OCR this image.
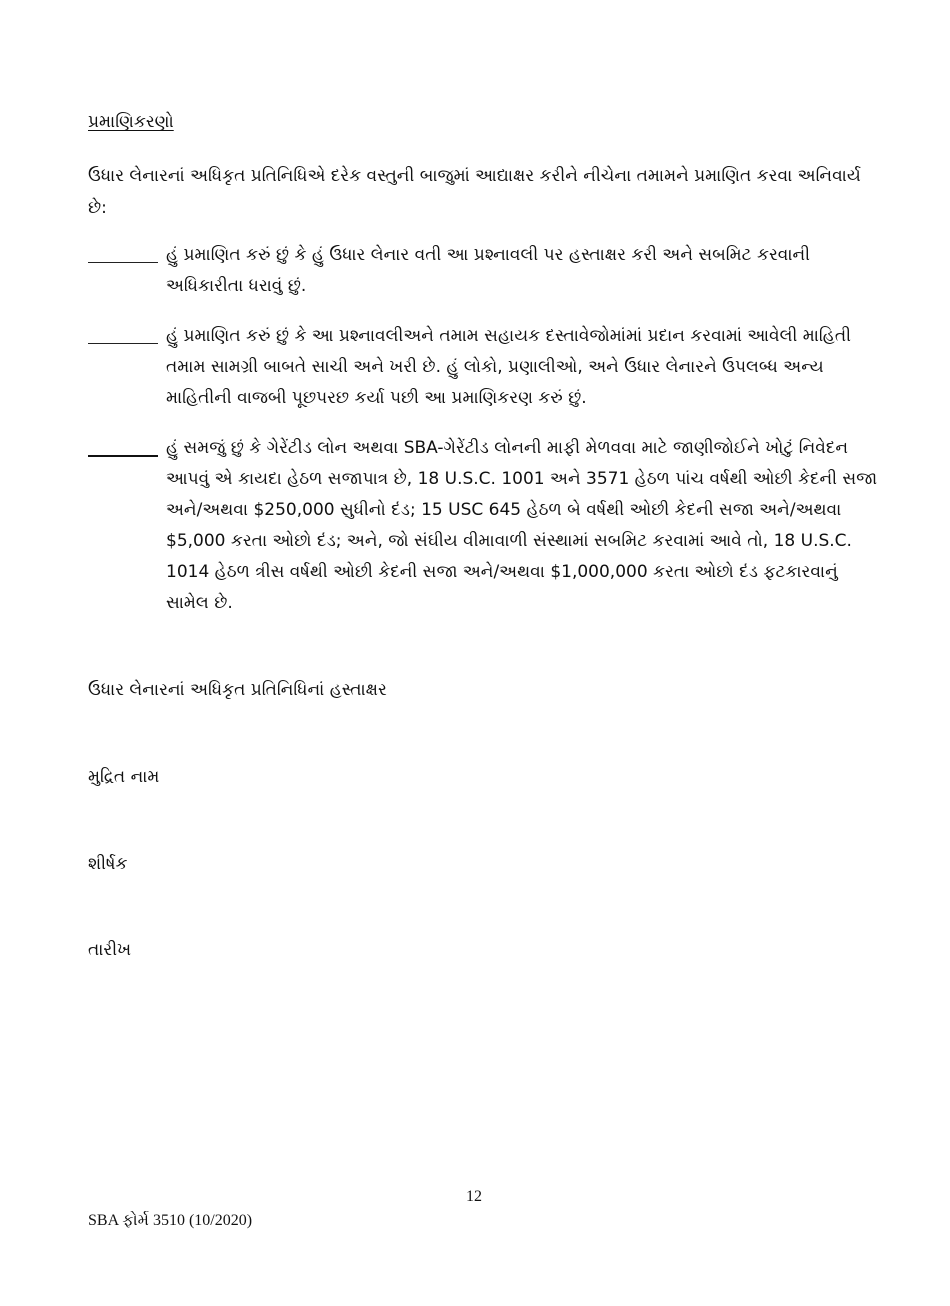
પ્રમાણિકરણો
ઉધાર લેનારનાં અધિકૃત પ્રતિનિધિએ દરેક વસ્તુની બાજુમાં આદ્યાક્ષર કરીને નીચેના તમામને પ્રમાણિત કરવા અનિવાર્ય છે:
હું પ્રમાણિત કરું છું કે હું ઉધાર લેનાર વતી આ પ્રશ્નાવલી પર હસ્તાક્ષર કરી અને સબમિટ કરવાની અધિકારીતા ધરાવું છું.
હું પ્રમાણિત કરું છું કે આ પ્રશ્નાવલીઅને તમામ સહાયક દસ્તાવેજોમાંમાં પ્રદાન કરવામાં આવેલી માહિતી તમામ સામગ્રી બાબતે સાચી અને ખરી છે. હું લોકો, પ્રણાલીઓ, અને ઉધાર લેનારને ઉપલબ્ધ અન્ય માહિતીની વાજબી પૂછપરછ કર્યા પછી આ પ્રમાણિકરણ કરું છું.
હું સમજું છું કે ગેરેંટીડ લોન અથવા SBA-ગેરેંટીડ લોનની માફી મેળવવા માટે જાણીજોઈને ખોટું નિવેદન આપવું એ કાયદા હેઠળ સજાપાત્ર છે, 18 U.S.C. 1001 અને 3571 હેઠળ પાંચ વર્ષથી ઓછી કેદની સજા અને/અથવા $250,000 સુધીનો દંડ; 15 USC 645 હેઠળ બે વર્ષથી ઓછી કેદની સજા અને/અથવા $5,000 કરતા ઓછો દંડ; અને, જો સંઘીય વીમાવાળી સંસ્થામાં સબમિટ કરવામાં આવે તો, 18 U.S.C. 1014 હેઠળ ત્રીસ વર્ષથી ઓછી કેદની સજા અને/અથવા $1,000,000 કરતા ઓછો દંડ ફટકારવાનું સામેલ છે.
ઉધાર લેનારનાં અધિકૃત પ્રતિનિધિનાં હસ્તાક્ષર
મુદ્રિત નામ
શીર્ષક
તારીખ
12
SBA ફોર્મ 3510 (10/2020)
